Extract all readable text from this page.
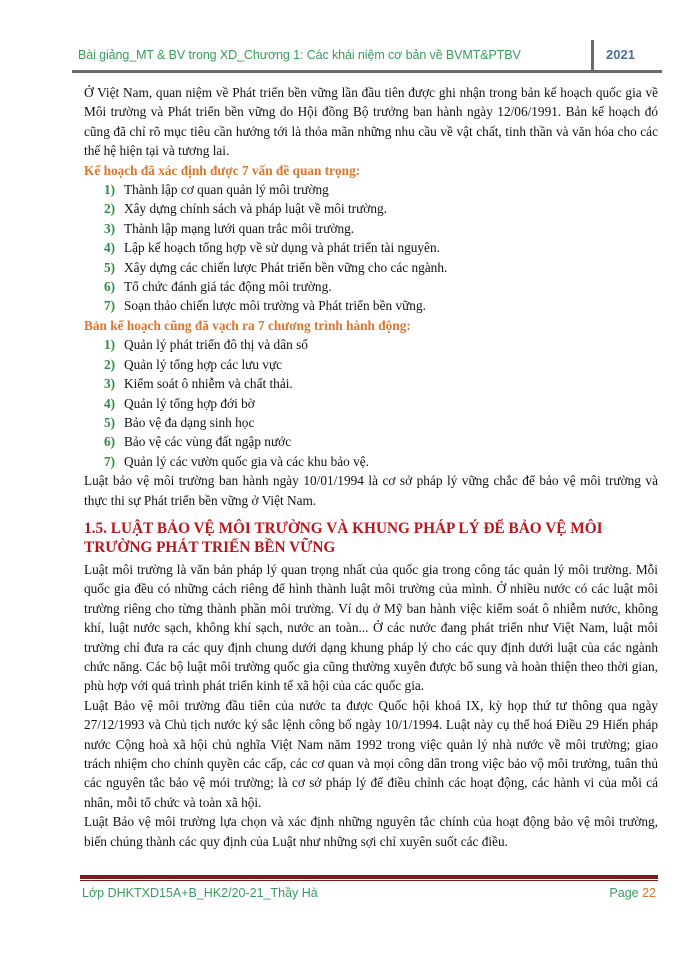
Bài giảng_MT & BV trong XD_Chương 1: Các khái niệm cơ bản về BVMT&PTBV	2021

Ở Việt Nam, quan niệm về Phát triển bền vững lần đầu tiên được ghi nhận trong bản kế hoạch quốc gia về Môi trường và Phát triển bền vững do Hội đồng Bộ trưởng ban hành ngày 12/06/1991. Bản kế hoạch đó cũng đã chỉ rõ mục tiêu cần hướng tới là thỏa mãn những nhu cầu về vật chất, tinh thần và văn hóa cho các thế hệ hiện tại và tương lai.

Kế hoạch đã xác định được 7 vấn đề quan trọng:
1) Thành lập cơ quan quản lý môi trường
2) Xây dựng chính sách và pháp luật về môi trường.
3) Thành lập mạng lưới quan trắc môi trường.
4) Lập kế hoạch tổng hợp về sử dụng và phát triển tài nguyên.
5) Xây dựng các chiến lược Phát triển bền vững cho các ngành.
6) Tổ chức đánh giá tác động môi trường.
7) Soạn thảo chiến lược môi trường và Phát triển bền vững.
Bản kế hoạch cũng đã vạch ra 7 chương trình hành động:
1) Quản lý phát triển đô thị và dân số
2) Quản lý tổng hợp các lưu vực
3) Kiểm soát ô nhiễm và chất thải.
4) Quản lý tổng hợp đới bờ
5) Bảo vệ đa dạng sinh học
6) Bảo vệ các vùng đất ngập nước
7) Quản lý các vườn quốc gia và các khu bảo vệ.

Luật bảo vệ môi trường ban hành ngày 10/01/1994 là cơ sở pháp lý vững chắc để bảo vệ môi trường và thực thi sự Phát triển bền vững ở Việt Nam.

1.5. LUẬT BẢO VỆ MÔI TRƯỜNG VÀ KHUNG PHÁP LÝ ĐỂ BẢO VỆ MÔI TRƯỜNG PHÁT TRIỂN BỀN VỮNG

Luật môi trường là văn bản pháp lý quan trọng nhất của quốc gia trong công tác quản lý môi trường. Mỗi quốc gia đều có những cách riêng để hình thành luật môi trường của mình. Ở nhiều nước có các luật môi trường riêng cho từng thành phần môi trường. Ví dụ ở Mỹ ban hành việc kiểm soát ô nhiễm nước, không khí, luật nước sạch, không khí sạch, nước an toàn... Ở các nước đang phát triển như Việt Nam, luật môi trường chỉ đưa ra các quy định chung dưới dạng khung pháp lý cho các quy định dưới luật của các ngành chức năng. Các bộ luật môi trường quốc gia cũng thường xuyên được bổ sung và hoàn thiện theo thời gian, phù hợp với quá trình phát triển kinh tế xã hội của các quốc gia.

Luật Bảo vệ môi trường đầu tiên của nước ta được Quốc hội khoá IX, kỳ họp thứ tư thông qua ngày 27/12/1993 và Chủ tịch nước ký sắc lệnh công bố ngày 10/1/1994. Luật này cụ thể hoá Điều 29 Hiến pháp nước Cộng hoà xã hội chủ nghĩa Việt Nam năm 1992 trong việc quản lý nhà nước về môi trường; giao trách nhiệm cho chính quyền các cấp, các cơ quan và mọi công dân trong việc bảo vộ môi trường, tuân thủ các nguyên tắc bảo vệ mói trường; là cơ sở pháp lý để điều chỉnh các hoạt động, các hành vi của mỗi cá nhân, mỗi tổ chức và toàn xã hội.

Luật Bảo vệ môi trường lựa chọn và xác định những nguyên tắc chính của hoạt động bảo vệ môi trường, biến chúng thành các quy định của Luật như những sợi chỉ xuyên suốt các điều.

Lớp DHKTXD15A+B_HK2/20-21_Thầy Hà	Page 22
